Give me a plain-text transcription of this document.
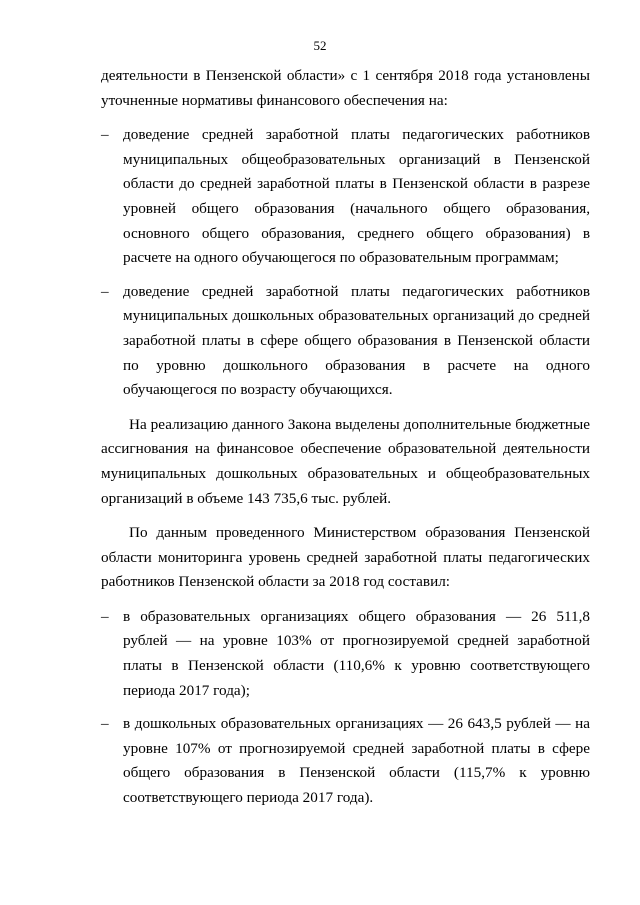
52

деятельности в Пензенской области» с 1 сентября 2018 года установлены уточненные нормативы финансового обеспечения на:

– доведение средней заработной платы педагогических работников муниципальных общеобразовательных организаций в Пензенской области до средней заработной платы в Пензенской области в разрезе уровней общего образования (начального общего образования, основного общего образования, среднего общего образования) в расчете на одного обучающегося по образовательным программам;
– доведение средней заработной платы педагогических работников муниципальных дошкольных образовательных организаций до средней заработной платы в сфере общего образования в Пензенской области по уровню дошкольного образования в расчете на одного обучающегося по возрасту обучающихся.

На реализацию данного Закона выделены дополнительные бюджетные ассигнования на финансовое обеспечение образовательной деятельности муниципальных дошкольных образовательных и общеобразовательных организаций в объеме 143 735,6 тыс. рублей.

По данным проведенного Министерством образования Пензенской области мониторинга уровень средней заработной платы педагогических работников Пензенской области за 2018 год составил:

– в образовательных организациях общего образования — 26 511,8 рублей — на уровне 103% от прогнозируемой средней заработной платы в Пензенской области (110,6% к уровню соответствующего периода 2017 года);
– в дошкольных образовательных организациях — 26 643,5 рублей — на уровне 107% от прогнозируемой средней заработной платы в сфере общего образования в Пензенской области (115,7% к уровню соответствующего периода 2017 года).
